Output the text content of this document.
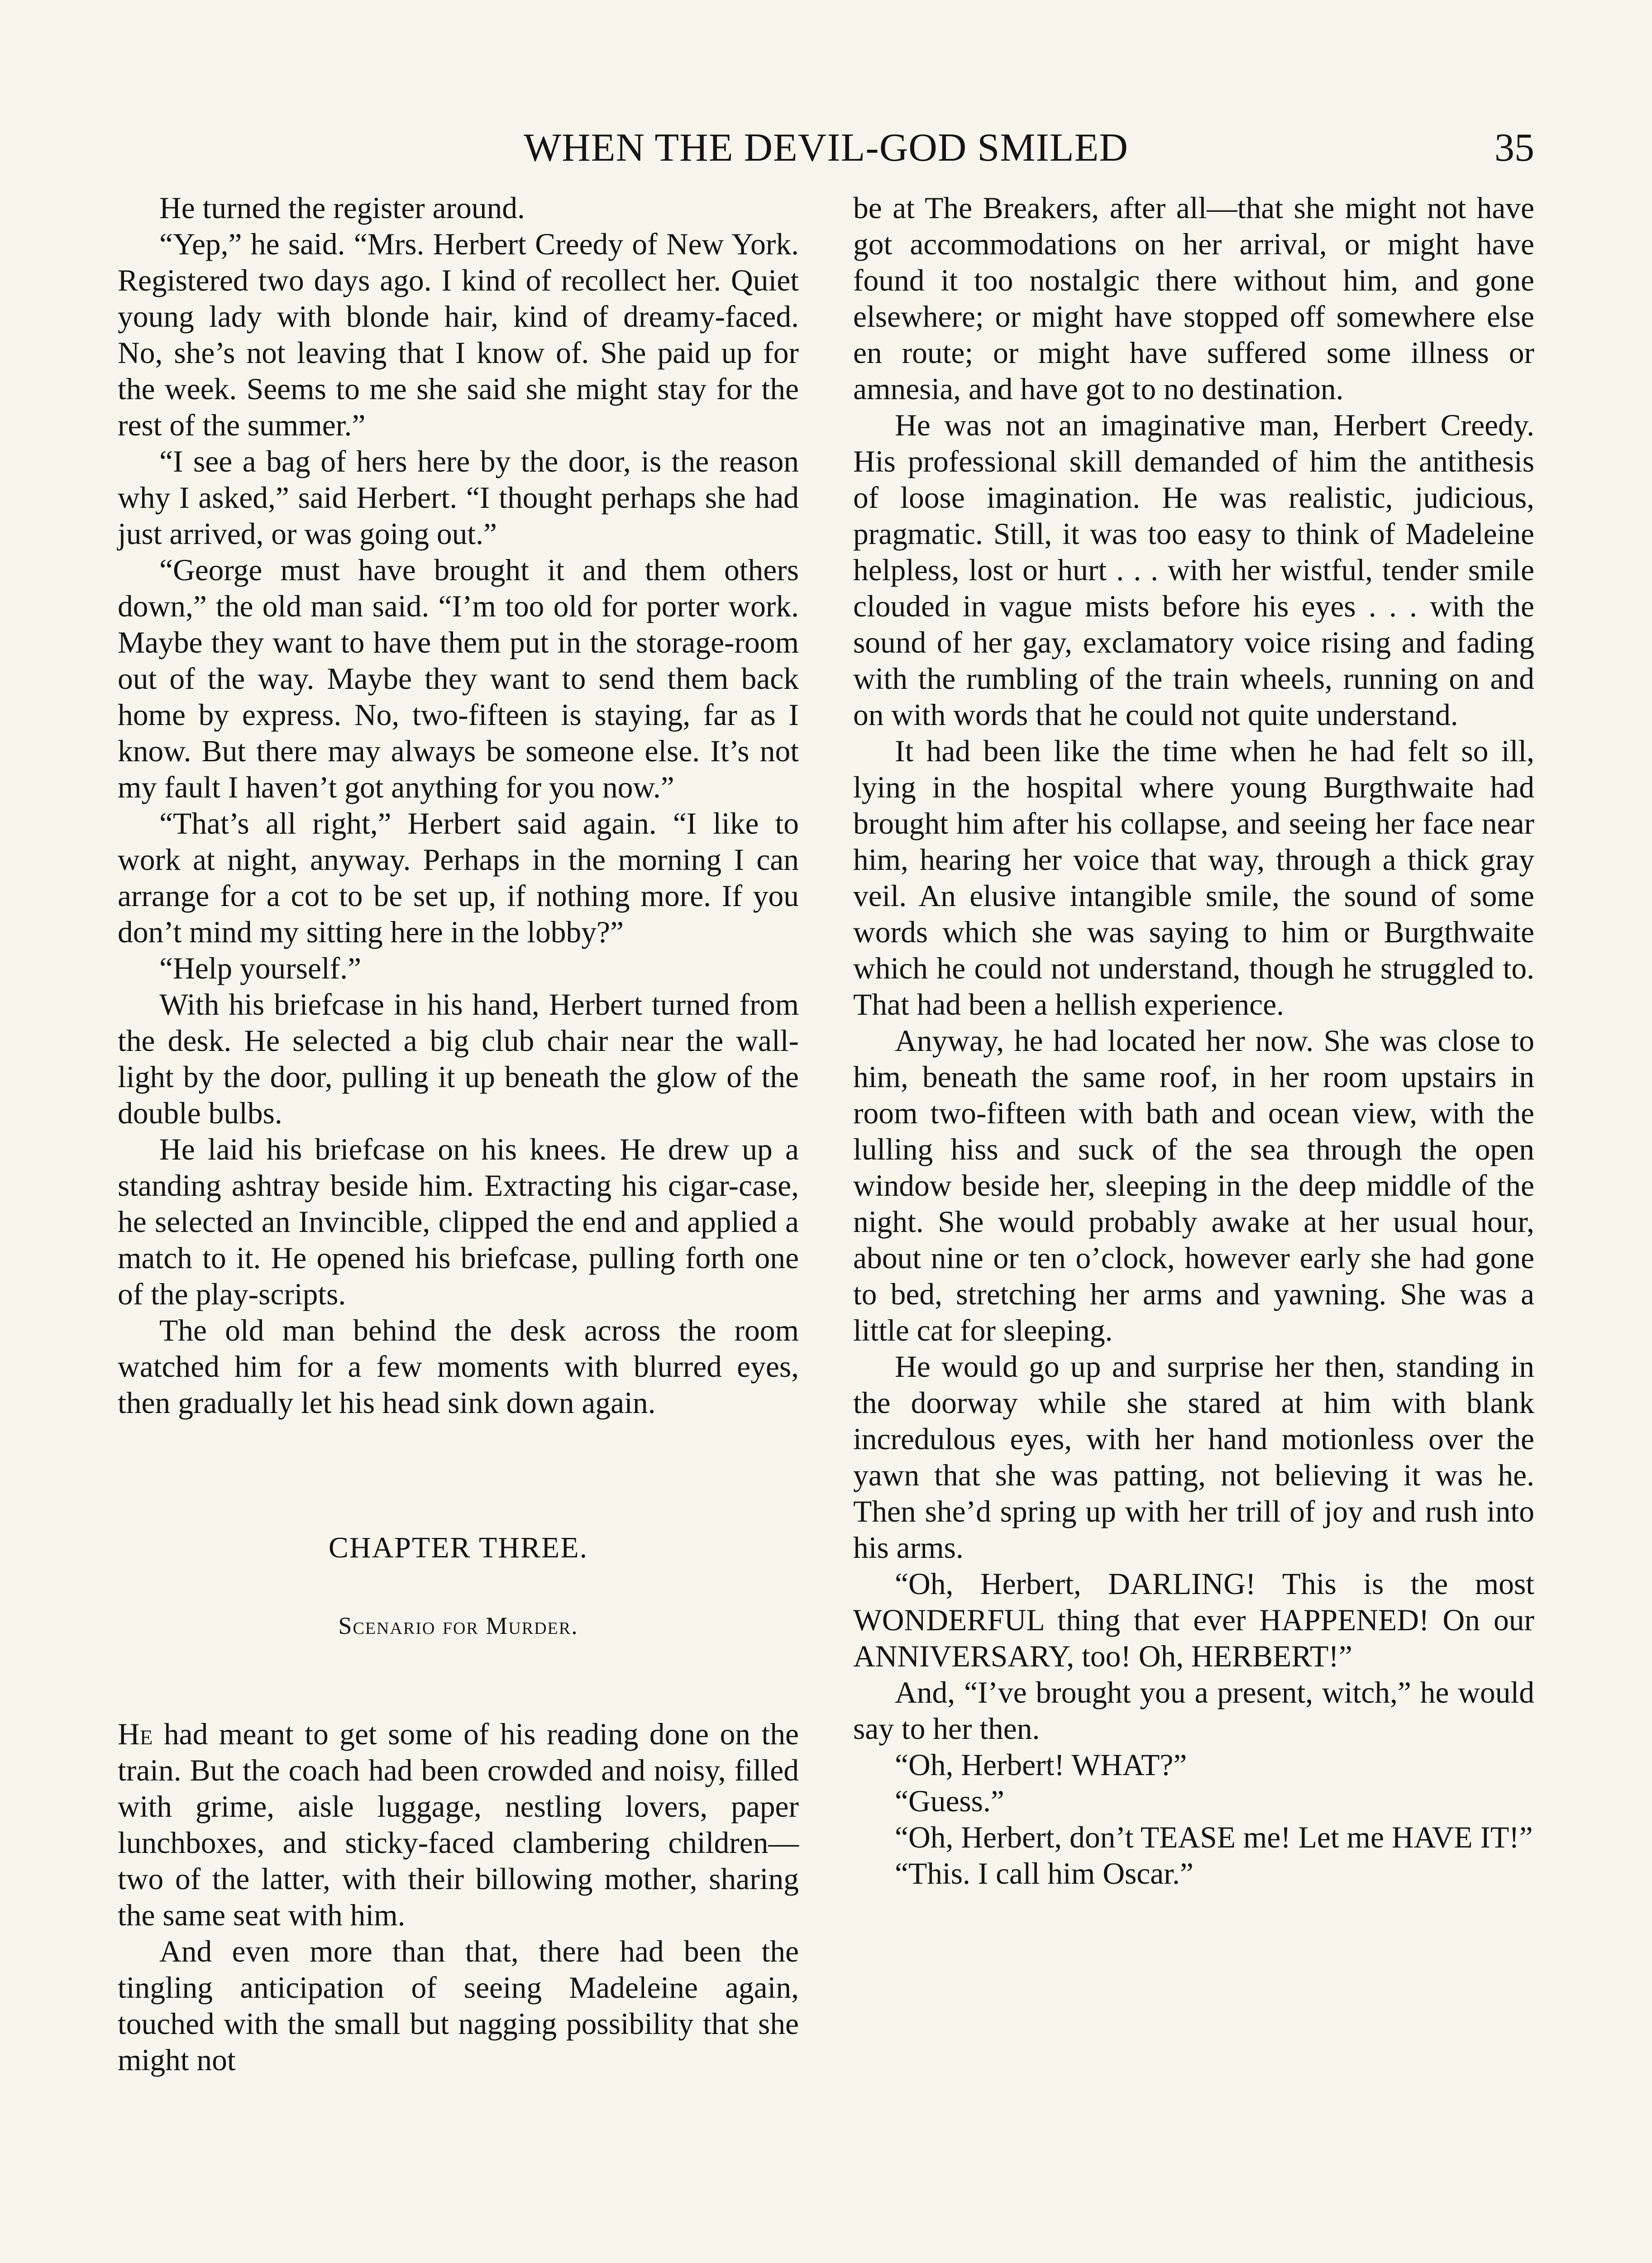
WHEN THE DEVIL-GOD SMILED	35

He turned the register around.

“Yep,” he said. “Mrs. Herbert Creedy of New York. Registered two days ago. I kind of recollect her. Quiet young lady with blonde hair, kind of dreamy-faced. No, she’s not leaving that I know of. She paid up for the week. Seems to me she said she might stay for the rest of the summer.”

“I see a bag of hers here by the door, is the reason why I asked,” said Herbert. “I thought perhaps she had just arrived, or was going out.”

“George must have brought it and them others down,” the old man said. “I’m too old for porter work. Maybe they want to have them put in the storage-room out of the way. Maybe they want to send them back home by express. No, two-fifteen is staying, far as I know. But there may always be someone else. It’s not my fault I haven’t got anything for you now.”

“That’s all right,” Herbert said again. “I like to work at night, anyway. Perhaps in the morning I can arrange for a cot to be set up, if nothing more. If you don’t mind my sitting here in the lobby?”

“Help yourself.”

With his briefcase in his hand, Herbert turned from the desk. He selected a big club chair near the wall-light by the door, pulling it up beneath the glow of the double bulbs.

He laid his briefcase on his knees. He drew up a standing ashtray beside him. Extracting his cigar-case, he selected an Invincible, clipped the end and applied a match to it. He opened his briefcase, pulling forth one of the play-scripts.

The old man behind the desk across the room watched him for a few moments with blurred eyes, then gradually let his head sink down again.

CHAPTER THREE.
Scenario for Murder.

He had meant to get some of his reading done on the train. But the coach had been crowded and noisy, filled with grime, aisle luggage, nestling lovers, paper lunchboxes, and sticky-faced clambering children—two of the latter, with their billowing mother, sharing the same seat with him.

And even more than that, there had been the tingling anticipation of seeing Madeleine again, touched with the small but nagging possibility that she might not

be at The Breakers, after all—that she might not have got accommodations on her arrival, or might have found it too nostalgic there without him, and gone elsewhere; or might have stopped off somewhere else en route; or might have suffered some illness or amnesia, and have got to no destination.

He was not an imaginative man, Herbert Creedy. His professional skill demanded of him the antithesis of loose imagination. He was realistic, judicious, pragmatic. Still, it was too easy to think of Madeleine helpless, lost or hurt . . . with her wistful, tender smile clouded in vague mists before his eyes . . . with the sound of her gay, exclamatory voice rising and fading with the rumbling of the train wheels, running on and on with words that he could not quite understand.

It had been like the time when he had felt so ill, lying in the hospital where young Burgthwaite had brought him after his collapse, and seeing her face near him, hearing her voice that way, through a thick gray veil. An elusive intangible smile, the sound of some words which she was saying to him or Burgthwaite which he could not understand, though he struggled to. That had been a hellish experience.

Anyway, he had located her now. She was close to him, beneath the same roof, in her room upstairs in room two-fifteen with bath and ocean view, with the lulling hiss and suck of the sea through the open window beside her, sleeping in the deep middle of the night. She would probably awake at her usual hour, about nine or ten o’clock, however early she had gone to bed, stretching her arms and yawning. She was a little cat for sleeping.

He would go up and surprise her then, standing in the doorway while she stared at him with blank incredulous eyes, with her hand motionless over the yawn that she was patting, not believing it was he. Then she’d spring up with her trill of joy and rush into his arms.

“Oh, Herbert, DARLING! This is the most WONDERFUL thing that ever HAPPENED! On our ANNIVERSARY, too! Oh, HERBERT!”

And, “I’ve brought you a present, witch,” he would say to her then.

“Oh, Herbert! WHAT?”

“Guess.”

“Oh, Herbert, don’t TEASE me! Let me HAVE IT!”

“This. I call him Oscar.”
